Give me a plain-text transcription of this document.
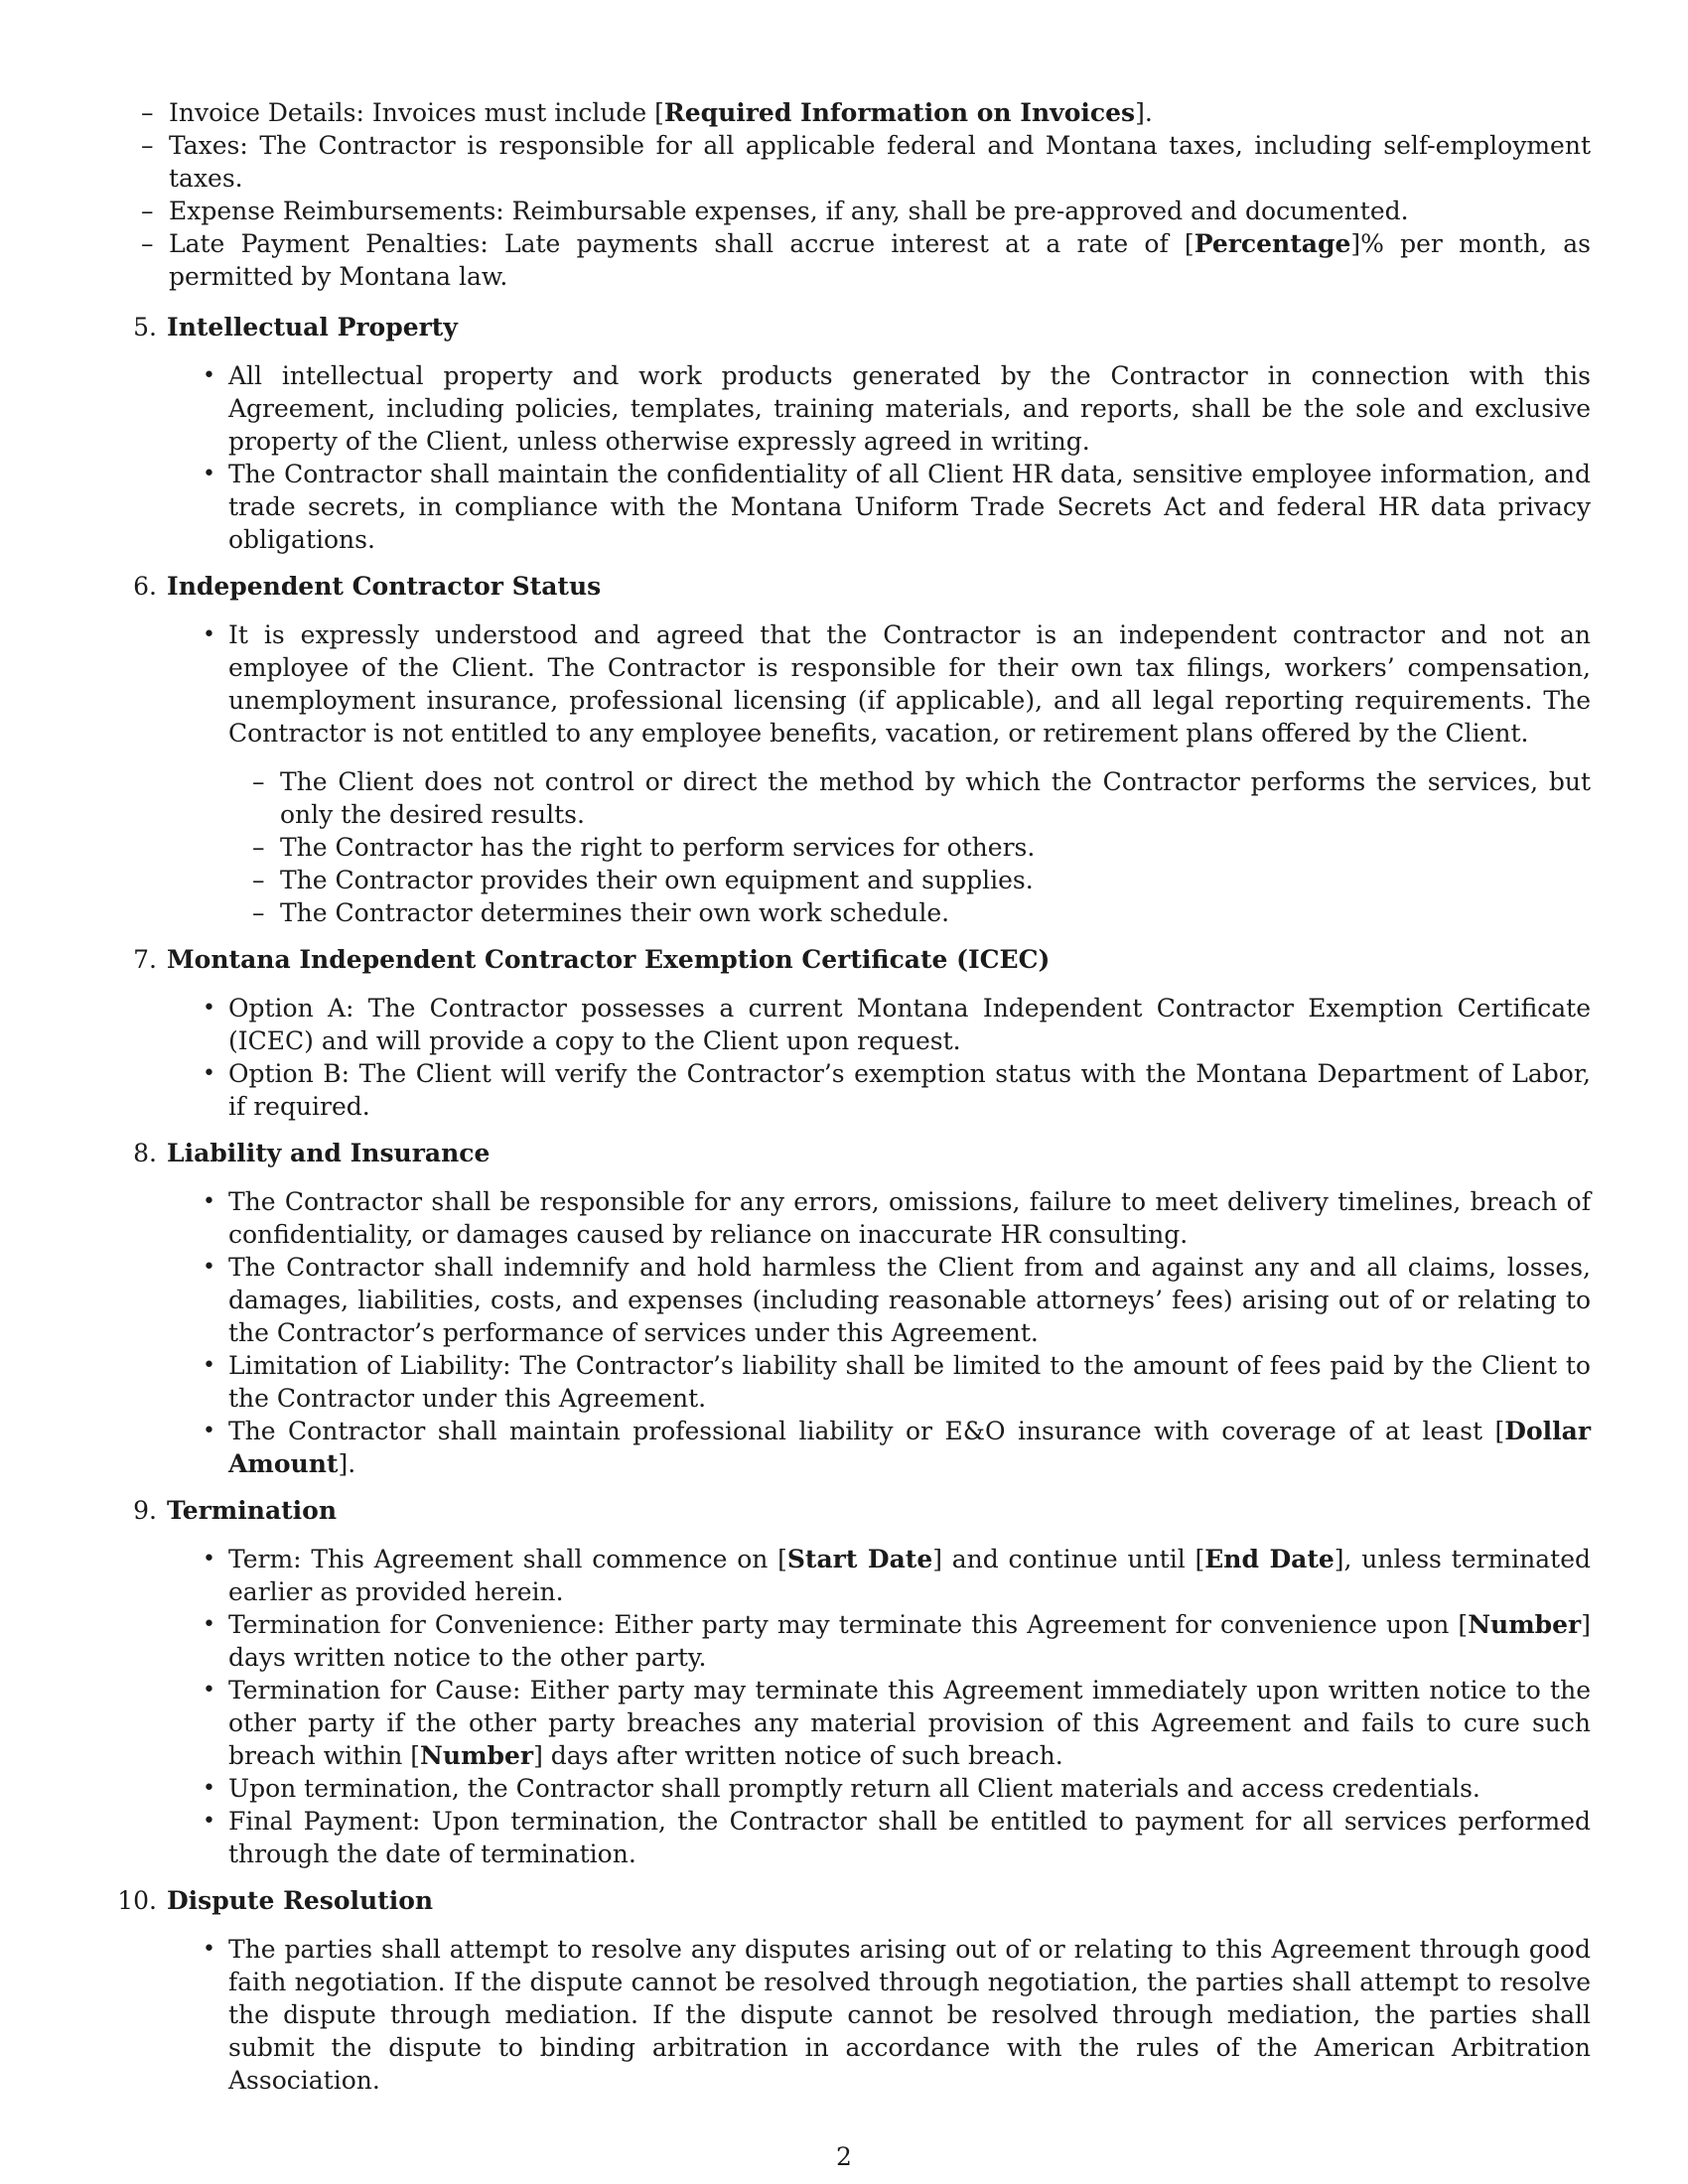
– Invoice Details: Invoices must include [Required Information on Invoices].
– Taxes: The Contractor is responsible for all applicable federal and Montana taxes, including self-employment taxes.
– Expense Reimbursements: Reimbursable expenses, if any, shall be pre-approved and documented.
– Late Payment Penalties: Late payments shall accrue interest at a rate of [Percentage]% per month, as permitted by Montana law.
5. Intellectual Property
• All intellectual property and work products generated by the Contractor in connection with this Agreement, including policies, templates, training materials, and reports, shall be the sole and exclusive property of the Client, unless otherwise expressly agreed in writing.
• The Contractor shall maintain the confidentiality of all Client HR data, sensitive employee information, and trade secrets, in compliance with the Montana Uniform Trade Secrets Act and federal HR data privacy obligations.
6. Independent Contractor Status
• It is expressly understood and agreed that the Contractor is an independent contractor and not an employee of the Client. The Contractor is responsible for their own tax filings, workers’ compensation, unemployment insurance, professional licensing (if applicable), and all legal reporting requirements. The Contractor is not entitled to any employee benefits, vacation, or retirement plans offered by the Client.
– The Client does not control or direct the method by which the Contractor performs the services, but only the desired results.
– The Contractor has the right to perform services for others.
– The Contractor provides their own equipment and supplies.
– The Contractor determines their own work schedule.
7. Montana Independent Contractor Exemption Certificate (ICEC)
• Option A: The Contractor possesses a current Montana Independent Contractor Exemption Certificate (ICEC) and will provide a copy to the Client upon request.
• Option B: The Client will verify the Contractor’s exemption status with the Montana Department of Labor, if required.
8. Liability and Insurance
• The Contractor shall be responsible for any errors, omissions, failure to meet delivery timelines, breach of confidentiality, or damages caused by reliance on inaccurate HR consulting.
• The Contractor shall indemnify and hold harmless the Client from and against any and all claims, losses, damages, liabilities, costs, and expenses (including reasonable attorneys’ fees) arising out of or relating to the Contractor’s performance of services under this Agreement.
• Limitation of Liability: The Contractor’s liability shall be limited to the amount of fees paid by the Client to the Contractor under this Agreement.
• The Contractor shall maintain professional liability or E&O insurance with coverage of at least [Dollar Amount].
9. Termination
• Term: This Agreement shall commence on [Start Date] and continue until [End Date], unless terminated earlier as provided herein.
• Termination for Convenience: Either party may terminate this Agreement for convenience upon [Number] days written notice to the other party.
• Termination for Cause: Either party may terminate this Agreement immediately upon written notice to the other party if the other party breaches any material provision of this Agreement and fails to cure such breach within [Number] days after written notice of such breach.
• Upon termination, the Contractor shall promptly return all Client materials and access credentials.
• Final Payment: Upon termination, the Contractor shall be entitled to payment for all services performed through the date of termination.
10. Dispute Resolution
• The parties shall attempt to resolve any disputes arising out of or relating to this Agreement through good faith negotiation. If the dispute cannot be resolved through negotiation, the parties shall attempt to resolve the dispute through mediation. If the dispute cannot be resolved through mediation, the parties shall submit the dispute to binding arbitration in accordance with the rules of the American Arbitration Association.
2
